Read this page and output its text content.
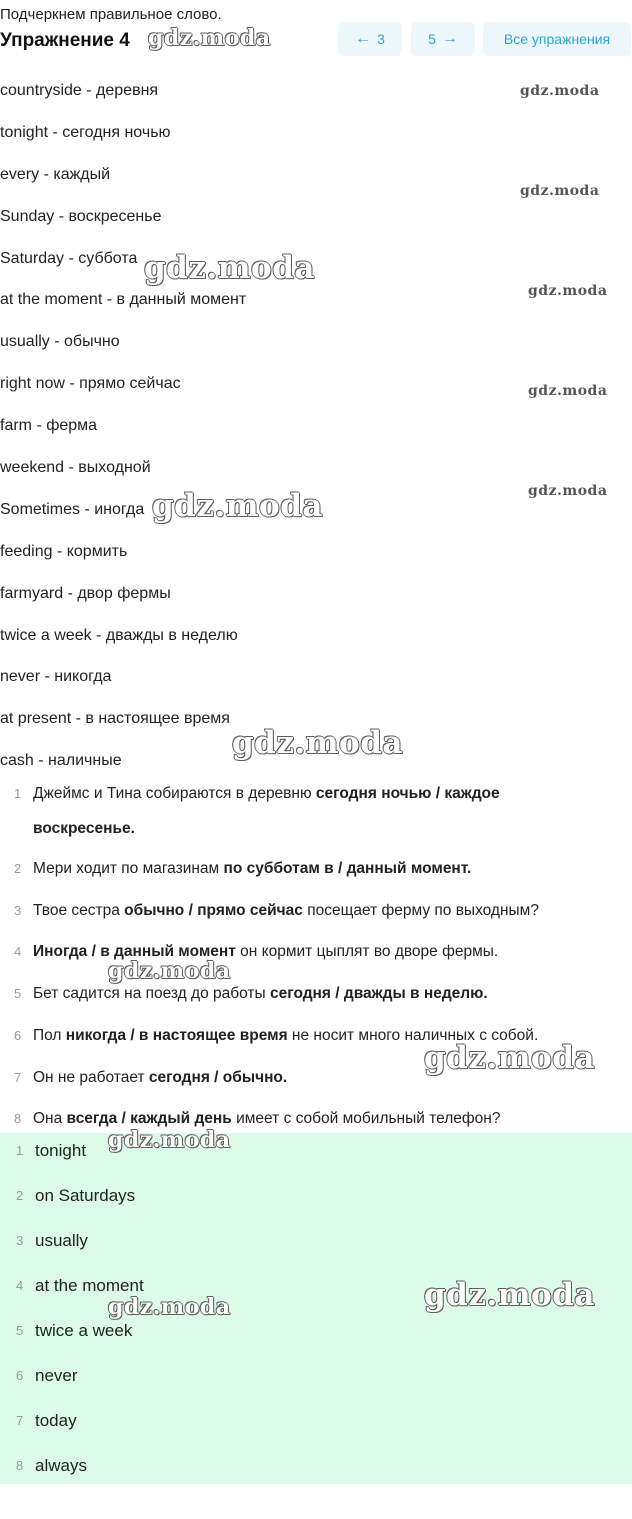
Подчеркнем правильное слово.
Упражнение 4	← 3	5 →	Все упражнения
countryside - деревня
tonight - сегодня ночью
every - каждый
Sunday - воскресенье
Saturday - суббота
at the moment - в данный момент
usually - обычно
right now - прямо сейчас
farm - ферма
weekend - выходной
Sometimes - иногда
feeding - кормить
farmyard - двор фермы
twice a week - дважды в неделю
never - никогда
at present - в настоящее время
cash - наличные
1 Джеймс и Тина собираются в деревню сегодня ночью / каждое
воскресенье.
2 Мери ходит по магазинам по субботам в / данный момент.
3 Твое сестра обычно / прямо сейчас посещает ферму по выходным?
4 Иногда / в данный момент он кормит цыплят во дворе фермы.
5 Бет садится на поезд до работы сегодня / дважды в неделю.
6 Пол никогда / в настоящее время не носит много наличных с собой.
7 Он не работает сегодня / обычно.
8 Она всегда / каждый день имеет с собой мобильный телефон?
1 tonight
2 on Saturdays
3 usually
4 at the moment
5 twice a week
6 never
7 today
8 always
gdz.moda
gdz.moda
gdz.moda
gdz.moda
gdz.moda
gdz.moda
gdz.moda
gdz.moda
gdz.moda
gdz.moda
gdz.moda
gdz.moda
gdz.moda
gdz.moda
